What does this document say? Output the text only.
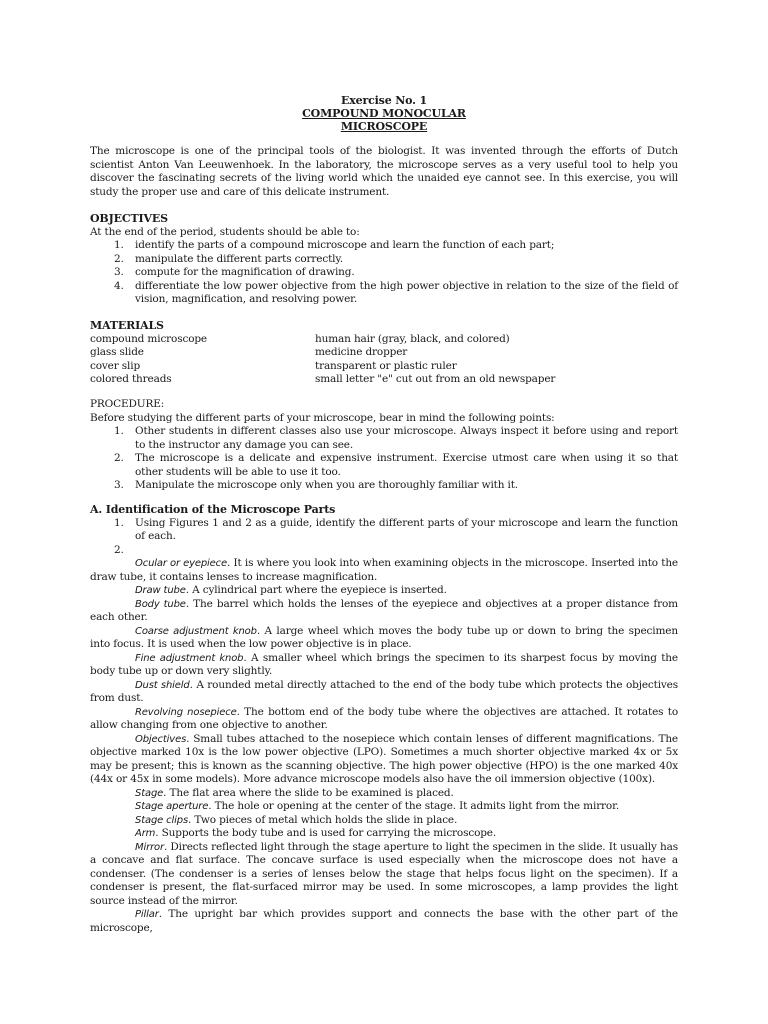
Exercise No. 1
COMPOUND MONOCULAR
MICROSCOPE
The microscope is one of the principal tools of the biologist. It was invented through the efforts of Dutch scientist Anton Van Leeuwenhoek. In the laboratory, the microscope serves as a very useful tool to help you discover the fascinating secrets of the living world which the unaided eye cannot see. In this exercise, you will study the proper use and care of this delicate instrument.
OBJECTIVES
At the end of the period, students should be able to:
1. identify the parts of a compound microscope and learn the function of each part;
2. manipulate the different parts correctly.
3. compute for the magnification of drawing.
4. differentiate the low power objective from the high power objective in relation to the size of the field of vision, magnification, and resolving power.
MATERIALS
compound microscope	human hair (gray, black, and colored)
glass slide	medicine dropper
cover slip	transparent or plastic ruler
colored threads	small letter "e" cut out from an old newspaper
PROCEDURE:
Before studying the different parts of your microscope, bear in mind the following points:
1. Other students in different classes also use your microscope. Always inspect it before using and report to the instructor any damage you can see.
2. The microscope is a delicate and expensive instrument. Exercise utmost care when using it so that other students will be able to use it too.
3. Manipulate the microscope only when you are thoroughly familiar with it.
A. Identification of the Microscope Parts
1. Using Figures 1 and 2 as a guide, identify the different parts of your microscope and learn the function of each.
2.

Ocular or eyepiece. It is where you look into when examining objects in the microscope. Inserted into the draw tube, it contains lenses to increase magnification.
Draw tube. A cylindrical part where the eyepiece is inserted.
Body tube. The barrel which holds the lenses of the eyepiece and objectives at a proper distance from each other.
Coarse adjustment knob. A large wheel which moves the body tube up or down to bring the specimen into focus. It is used when the low power objective is in place.
Fine adjustment knob. A smaller wheel which brings the specimen to its sharpest focus by moving the body tube up or down very slightly.
Dust shield. A rounded metal directly attached to the end of the body tube which protects the objectives from dust.
Revolving nosepiece. The bottom end of the body tube where the objectives are attached. It rotates to allow changing from one objective to another.
Objectives. Small tubes attached to the nosepiece which contain lenses of different magnifications. The objective marked 10x is the low power objective (LPO). Sometimes a much shorter objective marked 4x or 5x may be present; this is known as the scanning objective. The high power objective (HPO) is the one marked 40x (44x or 45x in some models). More advance microscope models also have the oil immersion objective (100x).
Stage. The flat area where the slide to be examined is placed.
Stage aperture. The hole or opening at the center of the stage. It admits light from the mirror.
Stage clips. Two pieces of metal which holds the slide in place.
Arm. Supports the body tube and is used for carrying the microscope.
Mirror. Directs reflected light through the stage aperture to light the specimen in the slide. It usually has a concave and flat surface. The concave surface is used especially when the microscope does not have a condenser. (The condenser is a series of lenses below the stage that helps focus light on the specimen). If a condenser is present, the flat-surfaced mirror may be used. In some microscopes, a lamp provides the light source instead of the mirror.
Pillar. The upright bar which provides support and connects the base with the other part of the microscope,
